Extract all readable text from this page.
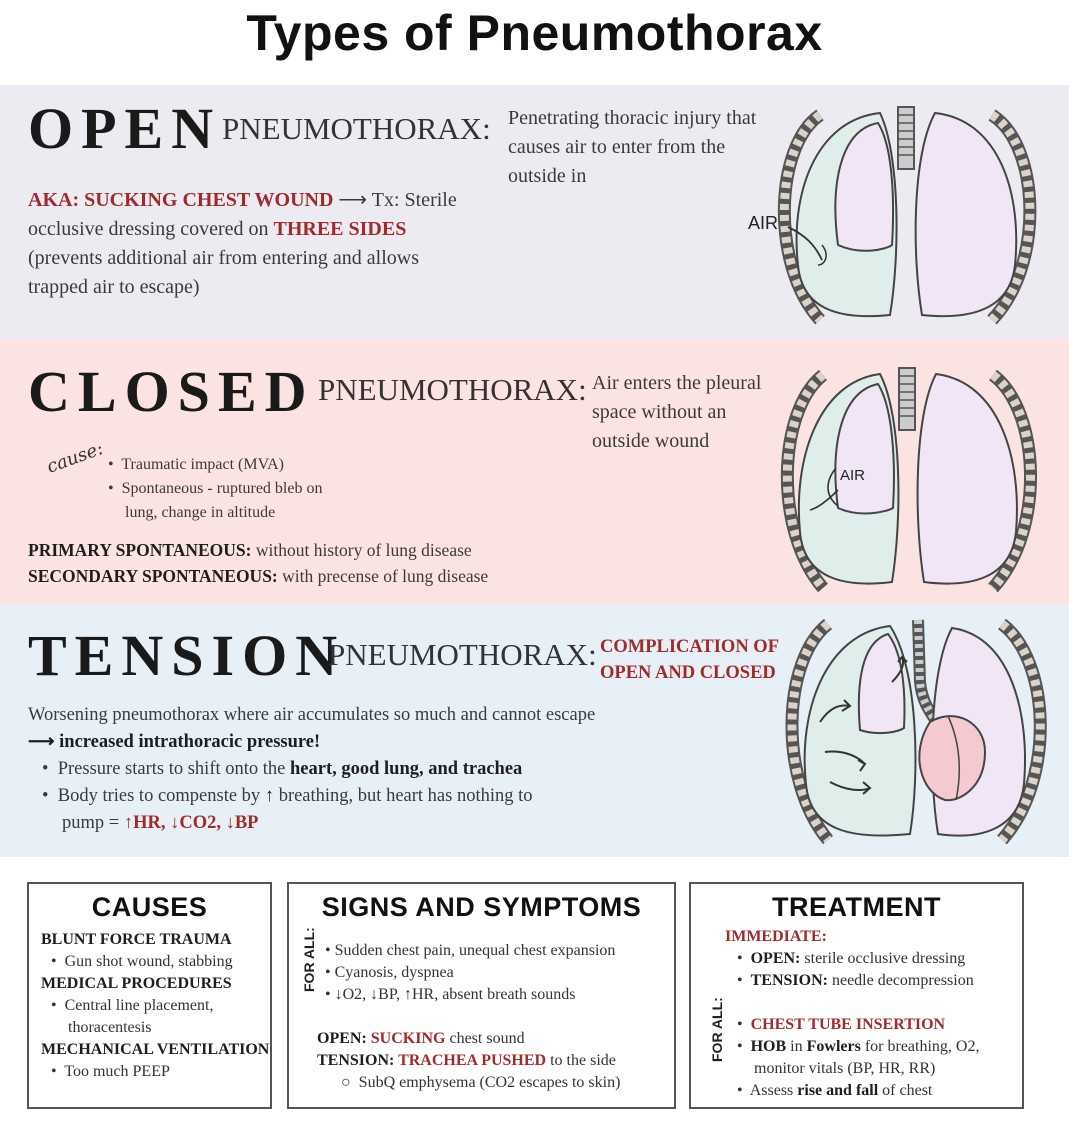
Types of Pneumothorax
OPEN PNEUMOTHORAX: Penetrating thoracic injury that
causes air to enter from the
outside in
AKA: SUCKING CHEST WOUND ⟶ Tx: Sterile
occlusive dressing covered on THREE SIDES
(prevents additional air from entering and allows
trapped air to escape)
AIR
CLOSED PNEUMOTHORAX: Air enters the pleural
space without an
outside wound
cause: •  Traumatic impact (MVA)
•  Spontaneous - ruptured bleb on
lung, change in altitude
PRIMARY SPONTANEOUS: without history of lung disease
SECONDARY SPONTANEOUS: with precense of lung disease
AIR
TENSION
PNEUMOTHORAX: COMPLICATION OF
OPEN AND CLOSED
Worsening pneumothorax where air accumulates so much and cannot escape
⟶ increased intrathoracic pressure!
•  Pressure starts to shift onto the heart, good lung, and trachea
•  Body tries to compenste by ↑ breathing, but heart has nothing to
pump = ↑HR, ↓CO2, ↓BP
CAUSES
BLUNT FORCE TRAUMA
•  Gun shot wound, stabbing
MEDICAL PROCEDURES
•  Central line placement,
thoracentesis
MECHANICAL VENTILATION
•  Too much PEEP
SIGNS AND SYMPTOMS
FOR ALL: • Sudden chest pain, unequal chest expansion
• Cyanosis, dyspnea
• ↓O2, ↓BP, ↑HR, absent breath sounds
OPEN: SUCKING chest sound
TENSION: TRACHEA PUSHED to the side
○  SubQ emphysema (CO2 escapes to skin)
TREATMENT
IMMEDIATE:
•  OPEN: sterile occlusive dressing
•  TENSION: needle decompression
FOR ALL: •  CHEST TUBE INSERTION
•  HOB in Fowlers for breathing, O2,
monitor vitals (BP, HR, RR)
•  Assess rise and fall of chest
